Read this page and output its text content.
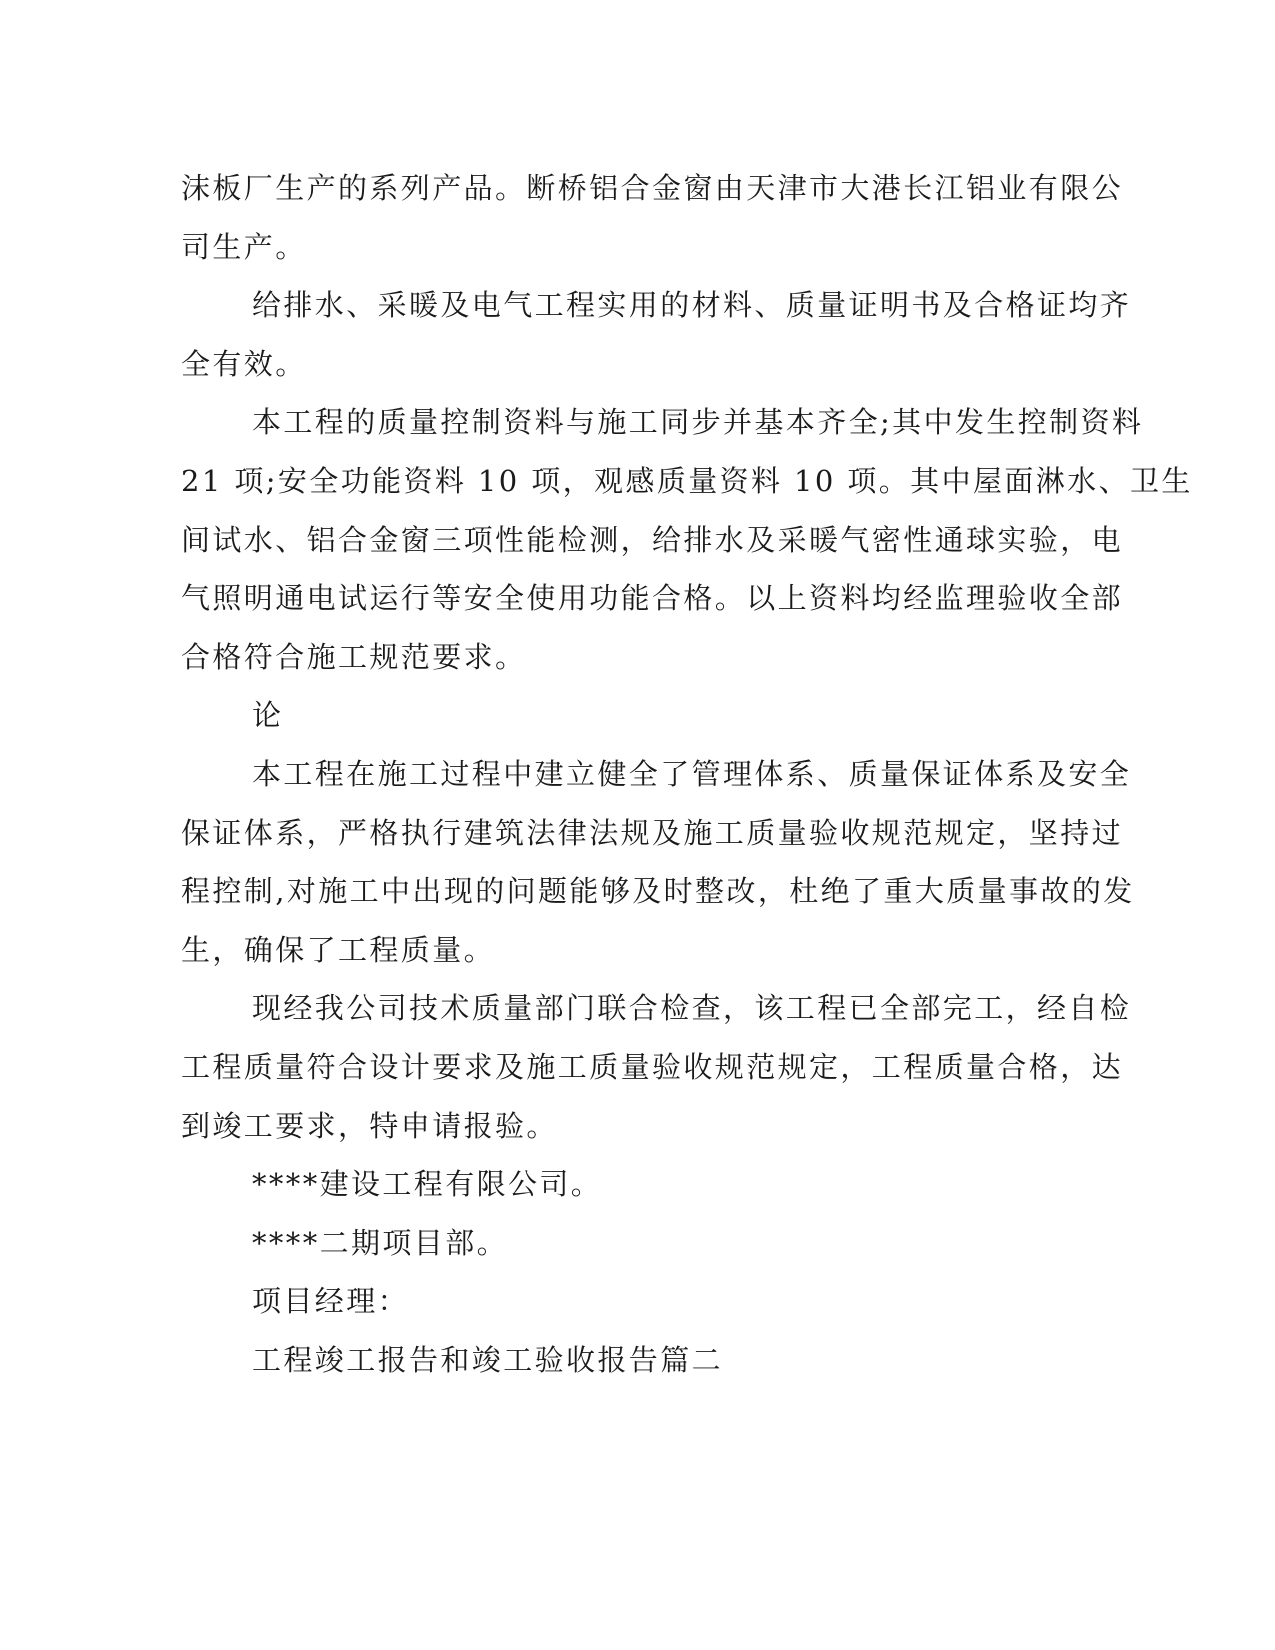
沫板厂生产的系列产品。断桥铝合金窗由天津市大港长江铝业有限公
司生产。
给排水、采暖及电气工程实用的材料、质量证明书及合格证均齐
全有效。
本工程的质量控制资料与施工同步并基本齐全;其中发生控制资料
21 项;安全功能资料 10 项，观感质量资料 10 项。其中屋面淋水、卫生
间试水、铝合金窗三项性能检测，给排水及采暖气密性通球实验，电
气照明通电试运行等安全使用功能合格。以上资料均经监理验收全部
合格符合施工规范要求。
论
本工程在施工过程中建立健全了管理体系、质量保证体系及安全
保证体系，严格执行建筑法律法规及施工质量验收规范规定，坚持过
程控制,对施工中出现的问题能够及时整改，杜绝了重大质量事故的发
生，确保了工程质量。
现经我公司技术质量部门联合检查，该工程已全部完工，经自检
工程质量符合设计要求及施工质量验收规范规定，工程质量合格，达
到竣工要求，特申请报验。
****建设工程有限公司。
****二期项目部。
项目经理：
工程竣工报告和竣工验收报告篇二
